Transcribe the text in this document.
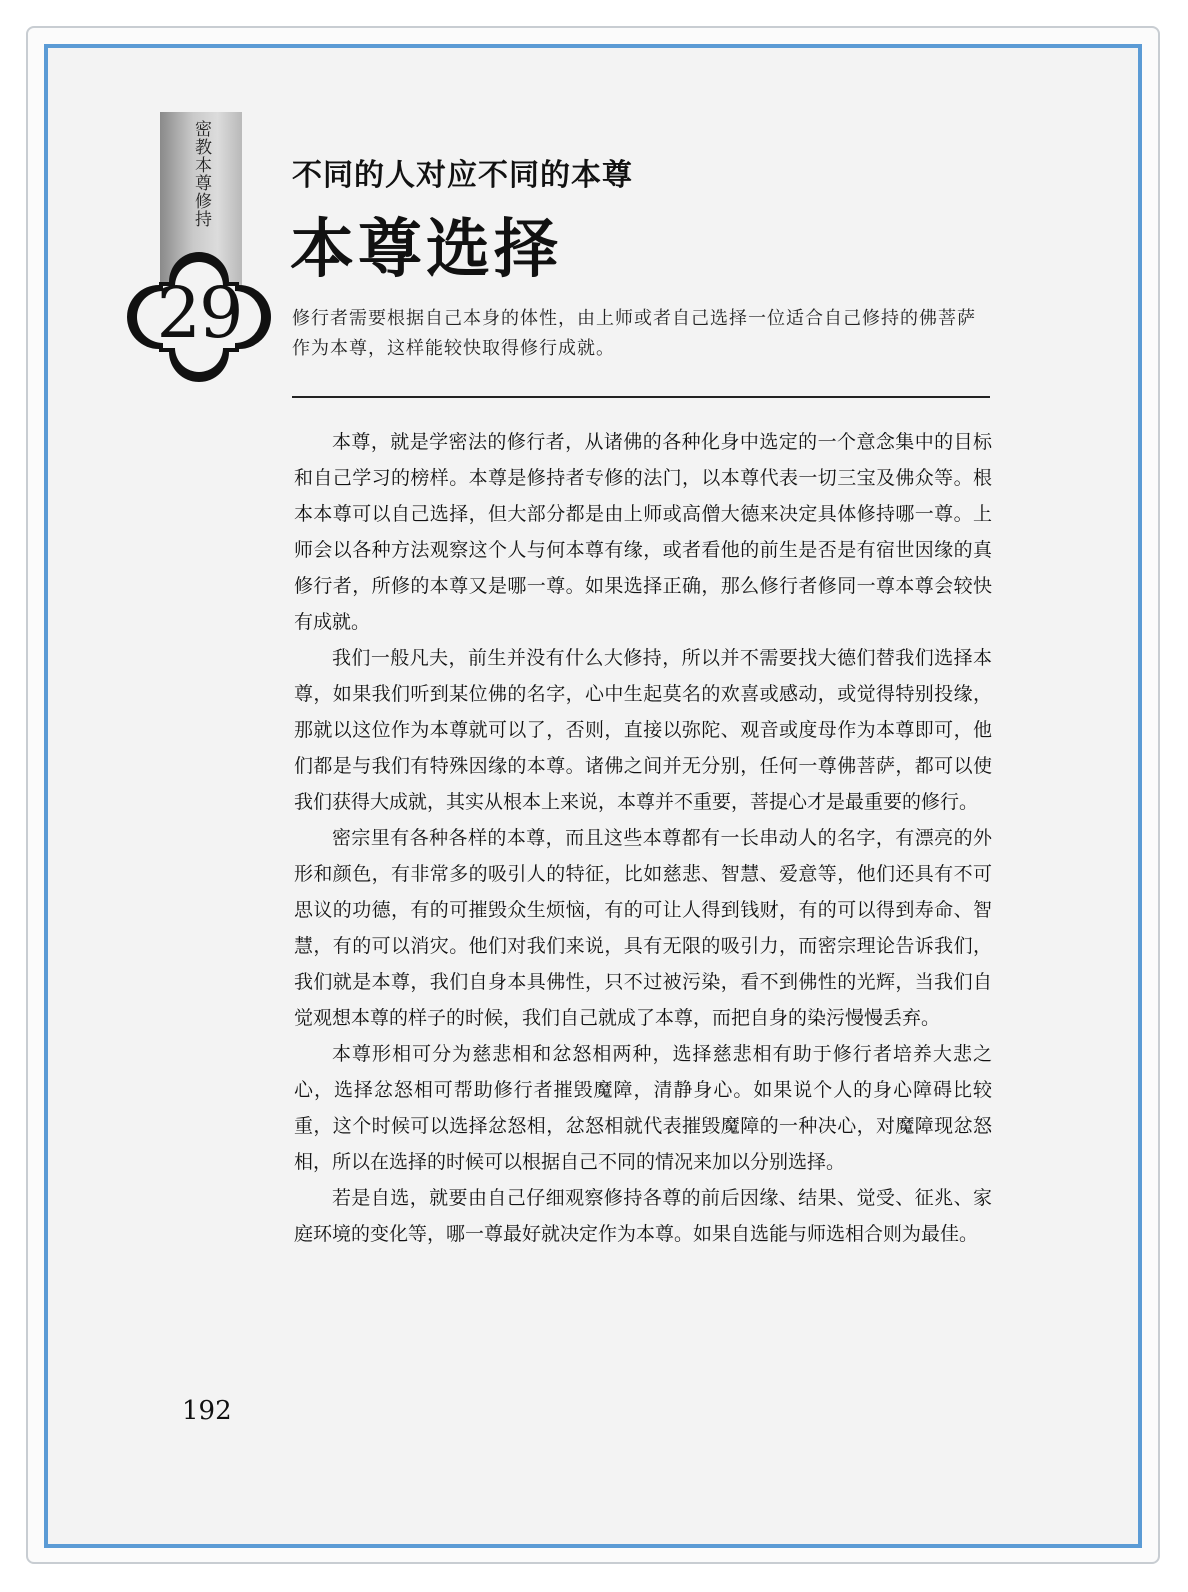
密教本尊修持
29
不同的人对应不同的本尊
本尊选择
修行者需要根据自己本身的体性，由上师或者自己选择一位适合自己修持的佛菩萨作为本尊，这样能较快取得修行成就。

本尊，就是学密法的修行者，从诸佛的各种化身中选定的一个意念集中的目标和自己学习的榜样。本尊是修持者专修的法门，以本尊代表一切三宝及佛众等。根本本尊可以自己选择，但大部分都是由上师或高僧大德来决定具体修持哪一尊。上师会以各种方法观察这个人与何本尊有缘，或者看他的前生是否是有宿世因缘的真修行者，所修的本尊又是哪一尊。如果选择正确，那么修行者修同一尊本尊会较快有成就。

我们一般凡夫，前生并没有什么大修持，所以并不需要找大德们替我们选择本尊，如果我们听到某位佛的名字，心中生起莫名的欢喜或感动，或觉得特别投缘，那就以这位作为本尊就可以了，否则，直接以弥陀、观音或度母作为本尊即可，他们都是与我们有特殊因缘的本尊。诸佛之间并无分别，任何一尊佛菩萨，都可以使我们获得大成就，其实从根本上来说，本尊并不重要，菩提心才是最重要的修行。

密宗里有各种各样的本尊，而且这些本尊都有一长串动人的名字，有漂亮的外形和颜色，有非常多的吸引人的特征，比如慈悲、智慧、爱意等，他们还具有不可思议的功德，有的可摧毁众生烦恼，有的可让人得到钱财，有的可以得到寿命、智慧，有的可以消灾。他们对我们来说，具有无限的吸引力，而密宗理论告诉我们，我们就是本尊，我们自身本具佛性，只不过被污染，看不到佛性的光辉，当我们自觉观想本尊的样子的时候，我们自己就成了本尊，而把自身的染污慢慢丢弃。

本尊形相可分为慈悲相和忿怒相两种，选择慈悲相有助于修行者培养大悲之心，选择忿怒相可帮助修行者摧毁魔障，清静身心。如果说个人的身心障碍比较重，这个时候可以选择忿怒相，忿怒相就代表摧毁魔障的一种决心，对魔障现忿怒相，所以在选择的时候可以根据自己不同的情况来加以分别选择。

若是自选，就要由自己仔细观察修持各尊的前后因缘、结果、觉受、征兆、家庭环境的变化等，哪一尊最好就决定作为本尊。如果自选能与师选相合则为最佳。

192
